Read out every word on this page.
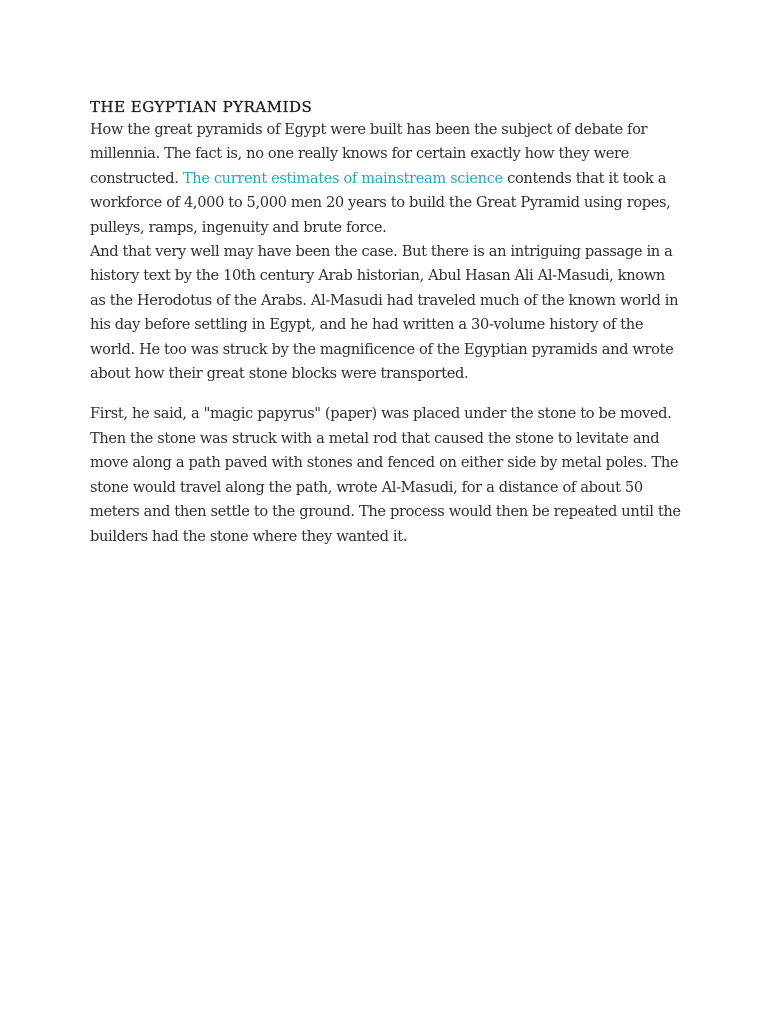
THE EGYPTIAN PYRAMIDS

How the great pyramids of Egypt were built has been the subject of debate for millennia. The fact is, no one really knows for certain exactly how they were constructed. The current estimates of mainstream science contends that it took a workforce of 4,000 to 5,000 men 20 years to build the Great Pyramid using ropes, pulleys, ramps, ingenuity and brute force.

And that very well may have been the case. But there is an intriguing passage in a history text by the 10th century Arab historian, Abul Hasan Ali Al-Masudi, known as the Herodotus of the Arabs. Al-Masudi had traveled much of the known world in his day before settling in Egypt, and he had written a 30-volume history of the world. He too was struck by the magnificence of the Egyptian pyramids and wrote about how their great stone blocks were transported.

First, he said, a "magic papyrus" (paper) was placed under the stone to be moved. Then the stone was struck with a metal rod that caused the stone to levitate and move along a path paved with stones and fenced on either side by metal poles. The stone would travel along the path, wrote Al-Masudi, for a distance of about 50 meters and then settle to the ground. The process would then be repeated until the builders had the stone where they wanted it.
